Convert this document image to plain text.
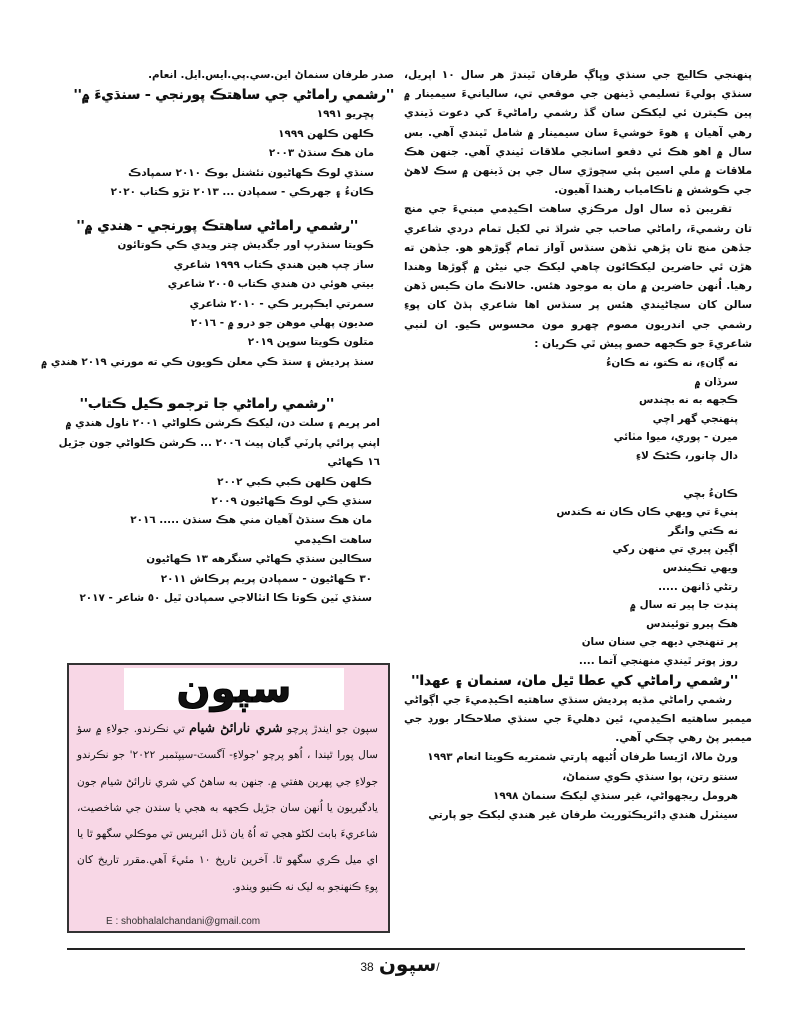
پنهنجي ڪاليج جي سنڌي وڀاڳ طرفان ٿيندڙ هر سال ١٠ اپريل، سنڌي ٻوليءَ تسليمي ڏينهن جي موقعي تي، ساليانيءَ سيمينار ۾ پين ڪيترن ئي ليکڪن سان گڏ رشمي راماڻيءَ کي دعوت ڏيندي رهي آهيان ۽ هوءَ خوشيءَ سان سيمينار ۾ شامل ٿيندي آهي. بس سال ۾ اهو هڪ ئي دفعو اسانجي ملاقات ٿيندي آهي. جنهن هڪ ملاقات ۾ ملي اسين ٻئي سڄوڙي سال جي ٻن ڏينهن ۾ سڪ لاهڻ جي ڪوشش ۾ ناڪامياب رهندا آهيون.

تقريبن ڏه سال اول مرڪزي ساهت اڪيڊمي مبنيءَ جي منچ تان رشميءَ، راماڻي صاحب جي شراڌ تي لکيل تمام دردي شاعري جڏهن منچ تان پڙهي تڏهن سنڌس آواز تمام ڳوڙهو هو. جڏهن ته هڙن ئي حاضرين ليکڪائون چاهي ليکڪ جي نيڻن ۾ ڳوڙها وهندا رهيا. اُنهن حاضرين ۾ مان به موجود هئس. حالانڪ مان ڪيس ڏهن سالن کان سڃاڻيندي هئس پر سنڌس اها شاعري ٻڌڻ کان پوءِ رشمي جي اندريون مصوم چهرو مون محسوس ڪيو. ان لنبي شاعريءَ جو ڪجهه حصو پيش ٿي ڪريان :

نه ڳانءِ، نه ڪتو، نه ڪانءُ
سرڏان ۾
ڪجهه به نه بچندس
پنهنجي گهر اچي
ميرن - پوري، ميوا مٺائي
دال چانور، ڪڻڪ لاءِ
ڪانءُ بچي
ٻنيءَ تي ويهي ڪان ڪان نه ڪندس
نه ڪتي وانگر
اڳين پيري تي منهن رکي
ويهي تڪيندس
رتڻي ڏانهن .....
پنڊت جا پير ته سال ۾
هڪ پيرو توئيندس
پر تنهنجي ديهه جي سنان سان
روز پوتر ٿيندي منهنجي آتما ....

''رشمي راماڻي کي عطا ٿيل مان، سنمان ۽ عهدا''

رشمي راماڻي مڌيه پرديش سنڌي ساهتيه اڪيڊميءَ جي اڳواڻي ميمبر ساهتيه اڪيڊمي، ئين دهليءَ جي سنڌي صلاحڪار بورڊ جي ميمبر پڻ رهي چڪي آهي.

ورڻ مالا، اڙيسا طرفان اُڻيهه پارتي شمتريه ڪويتا انعام ١٩٩٣
سنتو رتن، ٻوا سنڌي ڪوي سنماڻ،
هرومل ريجهواڻي، غير سنڌي ليکڪ سنماڻ ١٩٩٨
سينٽرل هندي ڊائريڪٽوريٽ طرفان غير هندي ليکڪ جو پارتي
صدر طرفان سنماڻ اين.سي.پي.ايس.ايل. انعام.

''رشمي راماڻي جي ساهتڪ پورنجي - سنڌيءَ ۾''

پڇريو ١٩٩١
ڪلهن ڪلهن ١٩٩٩
مان هڪ سنڌڻ ٢٠٠٣
سنڌي لوڪ ڪهاڻيون نئشنل بوڪ ٢٠١٠ سمپادڪ
ڪانءُ ۽ جهرڪي - سمپادن ... ٢٠١٣ تڙو ڪتاب ٢٠٢٠

''رشمي راماڻي ساهتڪ پورنجي - هندي ۾''

ڪويتا سنڌرپ اور جگديش چتر ويدي ڪي ڪوتائون
ساز چپ هين هندي ڪتاب ١٩٩٩ شاعري
بيتي هوئي دن هندي ڪتاب ٢٠٠٥ شاعري
سمرتي ايڪپرير ڪي - ٢٠١٠ شاعري
صديون پهلي موهن جو درو ۾ - ٢٠١٦
متلون ڪويتا سوپن ٢٠١٩
سنڌ پرديش ۽ سنڌ ڪي معلن ڪويون ڪي ته مورتي ٢٠١٩ هندي ۾

''رشمي راماڻي جا ترجمو ڪيل ڪتاب''

امر پريم ۽ سلت دن، ليکڪ ڪرشن ڪلواڻي ٢٠٠١ ناول هندي ۾
اپني پرائي پارٽي گيان پيٺ ٢٠٠٦ ... ڪرشن ڪلواڻي جون جڙيل
١٦ ڪهاڻي
ڪلهن ڪلهن ڪبي ڪبي ٢٠٠٢
سنڌي ڪي لوڪ ڪهاڻيون ٢٠٠٩
مان هڪ سنڌڻ آهيان مني هڪ سنڌن ..... ٢٠١٦
ساهت اڪيڊمي
سڪالين سنڌي ڪهاڻي سنگرهه ١٣ ڪهاڻيون
٣٠ ڪهاڻيون - سمپادن پريم پرڪاش ٢٠١١
سنڌي ٽين ڪوتا ڪا انٿالاجي سمپادن ٿيل ٥٠ شاعر - ٢٠١٧
سپون
سپون جو ايندڙ پرچو شري نارائڻ شيام تي نڪرندو. جولاءِ ۾ سؤ سال پورا ٿيندا ، اُهو پرچو 'جولاءِ- آگسٽ-سيپٽمبر ٢٠٢٢' جو نڪرندو جولاءِ جي پهرين هفتي ۾. جنهن به ساهڻ کي شري نارائڻ شيام جون يادگيريون يا اُنهن سان جڙيل ڪجهه به هجي يا سندن جي شاخصيت، شاعريءَ بابت لکڻو هجي ته اُهُ يان ڏنل ائبريس تي موڪلي سگهو ٿا يا اي ميل ڪري سگهو ٿا. آخرين تاريخ ١٠ مئيءَ آهي.مقرر تاريخ کان پوءِ ڪنهنجو به ليک نه ڪنيو ويندو.
E : shobhalalchandani@gmail.com
سپون 38/
